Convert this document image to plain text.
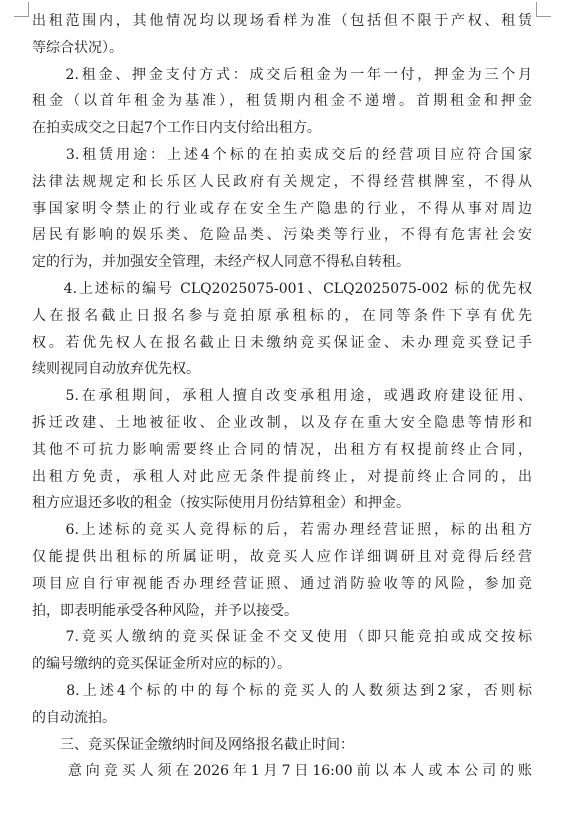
出租范围内，其他情况均以现场看样为准（包括但不限于产权、租赁
等综合状况）。
　　2.租金、押金支付方式：成交后租金为一年一付，押金为三个月
租金（以首年租金为基准），租赁期内租金不递增。首期租金和押金
在拍卖成交之日起7个工作日内支付给出租方。
　　3.租赁用途：上述4个标的在拍卖成交后的经营项目应符合国家
法律法规规定和长乐区人民政府有关规定，不得经营棋牌室，不得从
事国家明令禁止的行业或存在安全生产隐患的行业，不得从事对周边
居民有影响的娱乐类、危险品类、污染类等行业，不得有危害社会安
定的行为，并加强安全管理，未经产权人同意不得私自转租。
　　4.上述标的编号 CLQ2025075-001、CLQ2025075-002 标的优先权
人在报名截止日报名参与竞拍原承租标的，在同等条件下享有优先
权。若优先权人在报名截止日未缴纳竞买保证金、未办理竞买登记手
续则视同自动放弃优先权。
　　5.在承租期间，承租人擅自改变承租用途，或遇政府建设征用、
拆迁改建、土地被征收、企业改制，以及存在重大安全隐患等情形和
其他不可抗力影响需要终止合同的情况，出租方有权提前终止合同，
出租方免责，承租人对此应无条件提前终止，对提前终止合同的，出
租方应退还多收的租金（按实际使用月份结算租金）和押金。
　　6.上述标的竞买人竞得标的后，若需办理经营证照，标的出租方
仅能提供出租标的所属证明，故竞买人应作详细调研且对竞得后经营
项目应自行审视能否办理经营证照、通过消防验收等的风险，参加竞
拍，即表明能承受各种风险，并予以接受。
　　7.竞买人缴纳的竞买保证金不交叉使用（即只能竞拍或成交按标
的编号缴纳的竞买保证金所对应的标的）。
　　8.上述4个标的中的每个标的竞买人的人数须达到2家，否则标
的自动流拍。
　　三、竞买保证金缴纳时间及网络报名截止时间：
　　意向竞买人须在2026年1月7日16:00前以本人或本公司的账
